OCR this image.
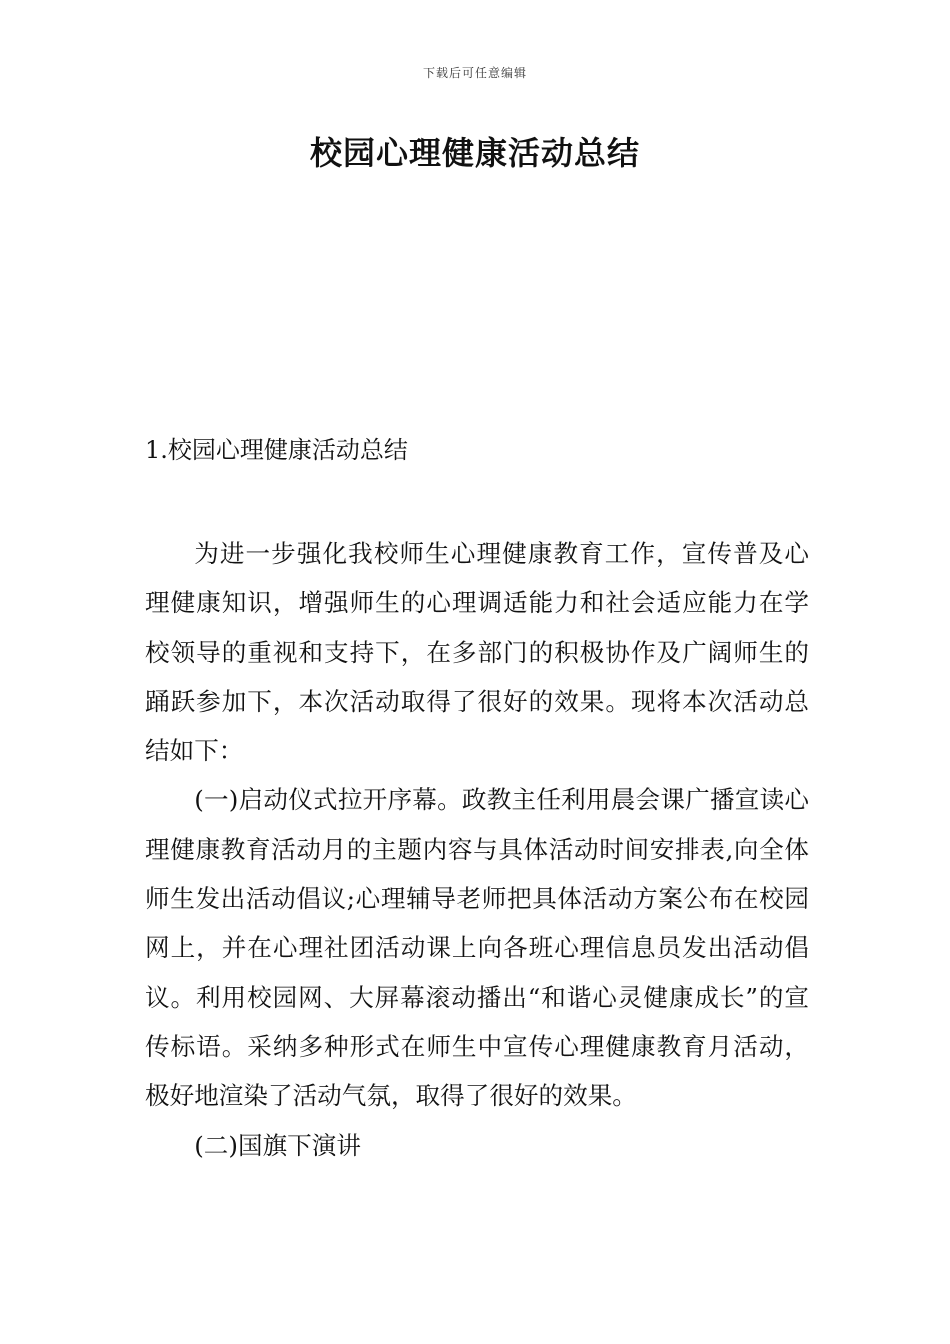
下载后可任意编辑
校园心理健康活动总结
1.校园心理健康活动总结

为进一步强化我校师生心理健康教育工作，宣传普及心理健康知识，增强师生的心理调适能力和社会适应能力在学校领导的重视和支持下，在多部门的积极协作及广阔师生的踊跃参加下，本次活动取得了很好的效果。现将本次活动总结如下：

(一)启动仪式拉开序幕。政教主任利用晨会课广播宣读心理健康教育活动月的主题内容与具体活动时间安排表,向全体师生发出活动倡议;心理辅导老师把具体活动方案公布在校园网上，并在心理社团活动课上向各班心理信息员发出活动倡议。利用校园网、大屏幕滚动播出“和谐心灵健康成长”的宣传标语。采纳多种形式在师生中宣传心理健康教育月活动，极好地渲染了活动气氛，取得了很好的效果。

(二)国旗下演讲
